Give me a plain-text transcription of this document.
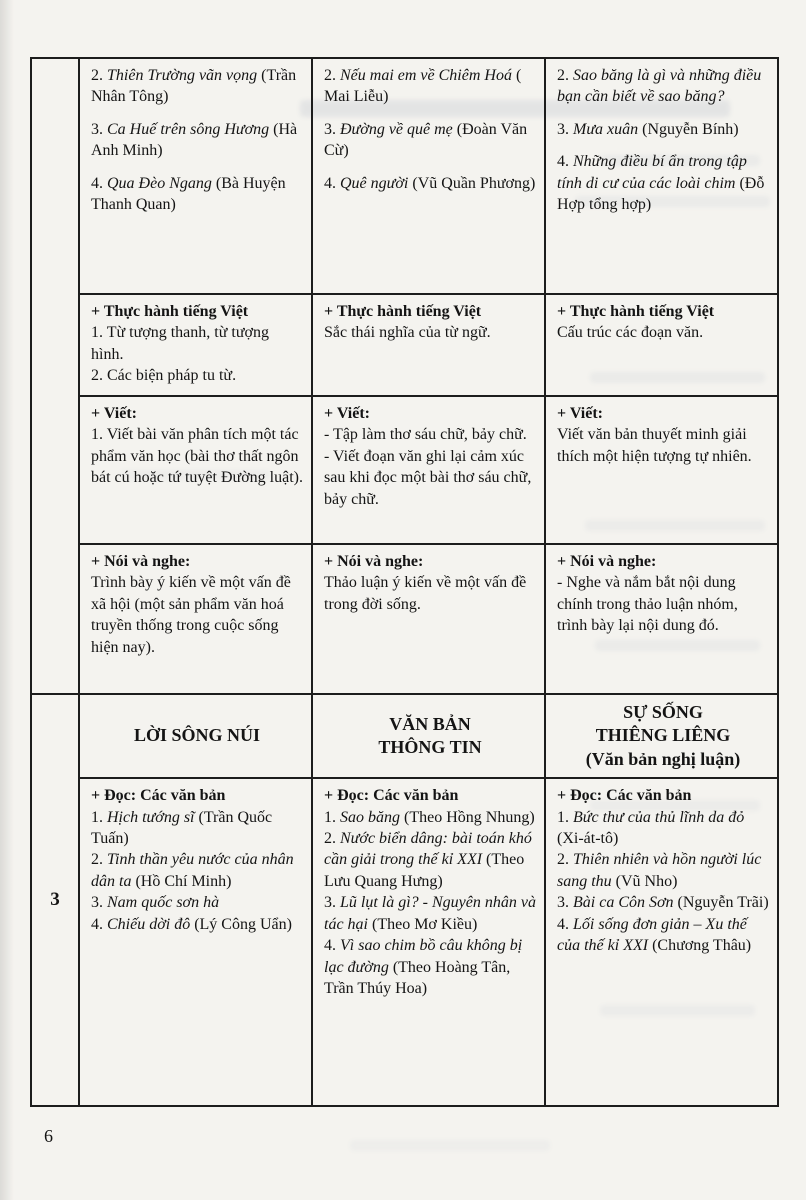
2. Thiên Trường vãn vọng (Trần Nhân Tông)

3. Ca Huế trên sông Hương (Hà Anh Minh)

4. Qua Đèo Ngang (Bà Huyện Thanh Quan)

2. Nếu mai em về Chiêm Hoá ( Mai Liễu)

3. Đường về quê mẹ (Đoàn Văn Cừ)

4. Quê người (Vũ Quần Phương)

2. Sao băng là gì và những điều bạn cần biết về sao băng?

3. Mưa xuân (Nguyễn Bính)

4. Những điều bí ẩn trong tập tính di cư của các loài chim (Đỗ Hợp tổng hợp)

+ Thực hành tiếng Việt

1. Từ tượng thanh, từ tượng hình.

2. Các biện pháp tu từ.

+ Thực hành tiếng Việt

Sắc thái nghĩa của từ ngữ.

+ Thực hành tiếng Việt

Cấu trúc các đoạn văn.

+ Viết:

1. Viết bài văn phân tích một tác phẩm văn học (bài thơ thất ngôn bát cú hoặc tứ tuyệt Đường luật).

+ Viết:

- Tập làm thơ sáu chữ, bảy chữ.

- Viết đoạn văn ghi lại cảm xúc sau khi đọc một bài thơ sáu chữ, bảy chữ.

+ Viết:

Viết văn bản thuyết minh giải thích một hiện tượng tự nhiên.

+ Nói và nghe:

Trình bày ý kiến về một vấn đề xã hội (một sản phẩm văn hoá truyền thống trong cuộc sống hiện nay).

+ Nói và nghe:

Thảo luận ý kiến về một vấn đề trong đời sống.

+ Nói và nghe:

- Nghe và nắm bắt nội dung chính trong thảo luận nhóm, trình bày lại nội dung đó.

3

LỜI SÔNG NÚI

VĂN BẢN

THÔNG TIN

SỰ SỐNG

THIÊNG LIÊNG

(Văn bản nghị luận)

+ Đọc: Các văn bản

1. Hịch tướng sĩ (Trần Quốc Tuấn)

2. Tinh thần yêu nước của nhân dân ta (Hồ Chí Minh)

3. Nam quốc sơn hà

4. Chiếu dời đô (Lý Công Uẩn)

+ Đọc: Các văn bản

1. Sao băng (Theo Hồng Nhung)

2. Nước biển dâng: bài toán khó cần giải trong thế kỉ XXI (Theo Lưu Quang Hưng)

3. Lũ lụt là gì? - Nguyên nhân và tác hại (Theo Mơ Kiều)

4. Vì sao chim bồ câu không bị lạc đường (Theo Hoàng Tân, Trần Thúy Hoa)

+ Đọc: Các văn bản

1. Bức thư của thủ lĩnh da đỏ (Xi-át-tô)

2. Thiên nhiên và hồn người lúc sang thu (Vũ Nho)

3. Bài ca Côn Sơn (Nguyễn Trãi)

4. Lối sống đơn giản – Xu thế của thế kỉ XXI (Chương Thâu)

6
